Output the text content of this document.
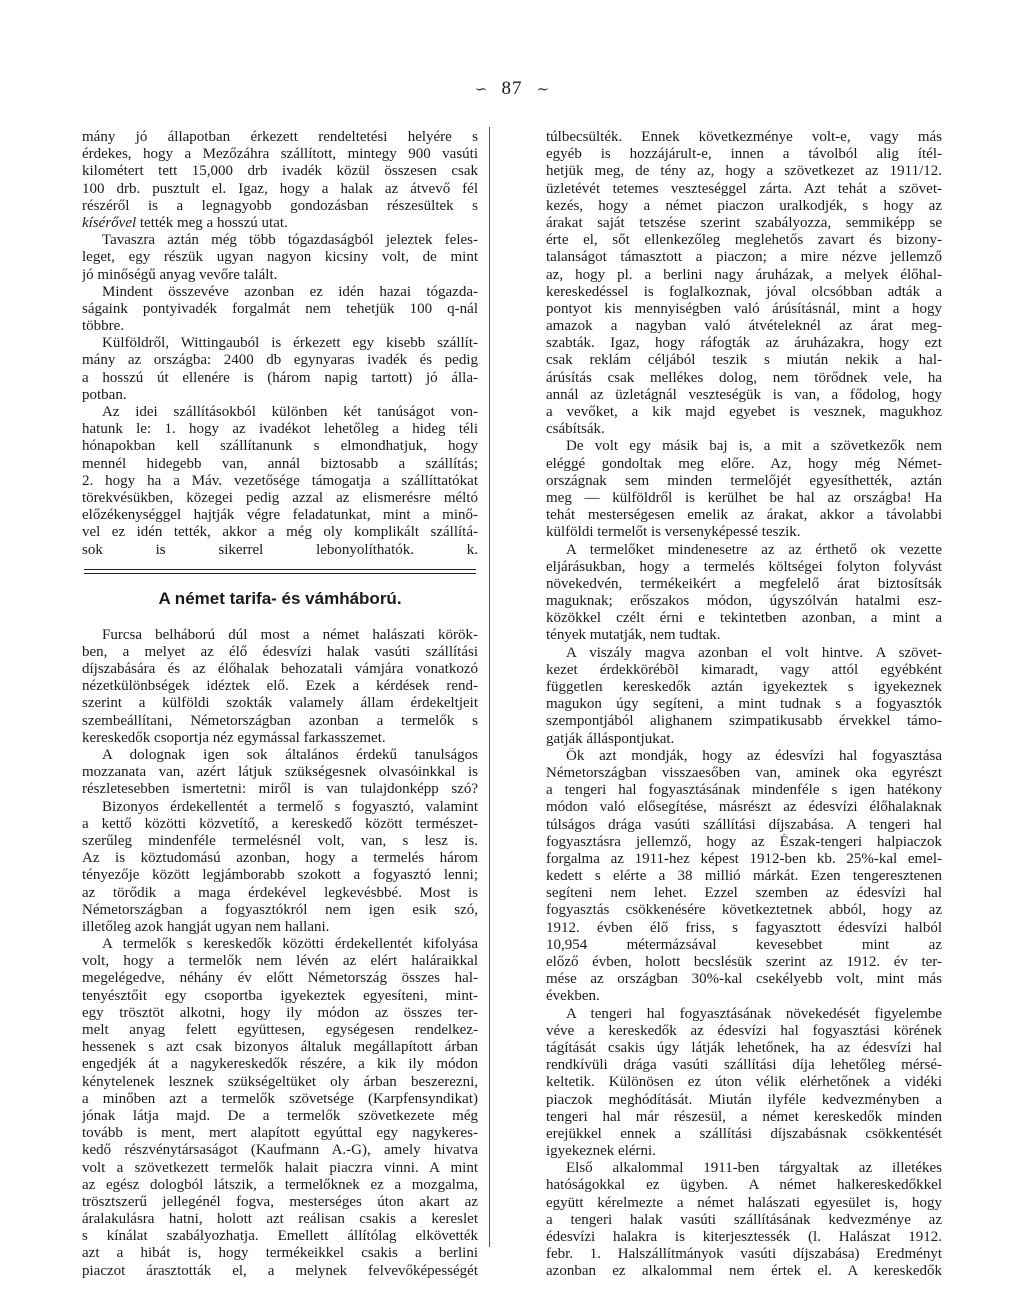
∽ 87 ∼
mány jó állapotban érkezett rendeltetési helyére s
érdekes, hogy a Mezőzáhra szállított, mintegy 900 vasúti
kilométert tett 15,000 drb ivadék közül összesen csak
100 drb. pusztult el. Igaz, hogy a halak az átvevő fél
részéről is a legnagyobb gondozásban részesültek s
kísérővel tették meg a hosszú utat.
Tavaszra aztán még több tógazdaságból jeleztek feles-
leget, egy részük ugyan nagyon kicsiny volt, de mint
jó minőségű anyag vevőre talált.
Mindent összevéve azonban ez idén hazai tógazda-
ságaink pontyivadék forgalmát nem tehetjük 100 q-nál
többre.
Külföldről, Wittingauból is érkezett egy kisebb szállít-
mány az országba: 2400 db egynyaras ivadék és pedig
a hosszú út ellenére is (három napig tartott) jó álla-
potban.
Az idei szállításokból különben két tanúságot von-
hatunk le: 1. hogy az ivadékot lehetőleg a hideg téli
hónapokban kell szállítanunk s elmondhatjuk, hogy
mennél hidegebb van, annál biztosabb a szállítás;
2. hogy ha a Máv. vezetősége támogatja a szállíttatókat
törekvésükben, közegei pedig azzal az elismerésre méltó
előzékenységgel hajtják végre feladatunkat, mint a minő-
vel ez idén tették, akkor a még oly komplikált szállítá-
sok is sikerrel lebonyolíthatók. k.
A német tarifa- és vámháború.
Furcsa belháború dúl most a német halászati körök-
ben, a melyet az élő édesvízi halak vasúti szállítási
díjszabására és az élőhalak behozatali vámjára vonatkozó
nézetkülönbségek idéztek elő. Ezek a kérdések rend-
szerint a külföldi szokták valamely állam érdekeltjeit
szembeállítani, Németországban azonban a termelők s
kereskedők csoportja néz egymással farkasszemet.
A dolognak igen sok általános érdekű tanulságos
mozzanata van, azért látjuk szükségesnek olvasóinkkal is
részletesebben ismertetni: miről is van tulajdonképp szó?
Bizonyos érdekellentét a termelő s fogyasztó, valamint
a kettő közötti közvetítő, a kereskedő között természet-
szerűleg mindenféle termelésnél volt, van, s lesz is.
Az is köztudomású azonban, hogy a termelés három
tényezője között legjámborabb szokott a fogyasztó lenni;
az törődik a maga érdekével legkevésbbé. Most is
Németországban a fogyasztókról nem igen esik szó,
illetőleg azok hangját ugyan nem hallani.
A termelők s kereskedők közötti érdekellentét kifolyása
volt, hogy a termelők nem lévén az elért haláraikkal
megelégedve, néhány év előtt Németország összes hal-
tenyésztőit egy csoportba igyekeztek egyesíteni, mint-
egy trösztöt alkotni, hogy ily módon az összes ter-
melt anyag felett együttesen, egységesen rendelkez-
hessenek s azt csak bizonyos általuk megállapított árban
engedjék át a nagykereskedők részére, a kik ily módon
kénytelenek lesznek szükségeltüket oly árban beszerezni,
a minőben azt a termelők szövetsége (Karpfensyndikat)
jónak látja majd. De a termelők szövetkezete még
tovább is ment, mert alapított egyúttal egy nagykeres-
kedő részvénytársaságot (Kaufmann A.-G), amely hivatva
volt a szövetkezett termelők halait piaczra vinni. A mint
az egész dologból látszik, a termelőknek ez a mozgalma,
trösztszerű jellegénél fogva, mesterséges úton akart az
áralakulásra hatni, holott azt reálisan csakis a kereslet
s kínálat szabályozhatja. Emellett állítólag elkövették
azt a hibát is, hogy termékeikkel csakis a berlini
piaczot árasztották el, a melynek felvevőképességét
túlbecsülték. Ennek következménye volt-e, vagy más
egyéb is hozzájárult-e, innen a távolból alig ítél-
hetjük meg, de tény az, hogy a szövetkezet az 1911/12.
üzletévét tetemes veszteséggel zárta. Azt tehát a szövet-
kezés, hogy a német piaczon uralkodjék, s hogy az
árakat saját tetszése szerint szabályozza, semmiképp se
érte el, sőt ellenkezőleg meglehetős zavart és bizony-
talanságot támasztott a piaczon; a mire nézve jellemző
az, hogy pl. a berlini nagy áruházak, a melyek élőhal-
kereskedéssel is foglalkoznak, jóval olcsóbban adták a
pontyot kis mennyiségben való árúsításnál, mint a hogy
amazok a nagyban való átvételeknél az árat meg-
szabták. Igaz, hogy ráfogták az áruházakra, hogy ezt
csak reklám céljából teszik s miután nekik a hal-
árúsítás csak mellékes dolog, nem törődnek vele, ha
annál az üzletágnál veszteségük is van, a fődolog, hogy
a vevőket, a kik majd egyebet is vesznek, magukhoz
csábítsák.
De volt egy másik baj is, a mit a szövetkezők nem
eléggé gondoltak meg előre. Az, hogy még Német-
országnak sem minden termelőjét egyesíthették, aztán
meg — külföldről is kerülhet be hal az országba! Ha
tehát mesterségesen emelik az árakat, akkor a távolabbi
külföldi termelőt is versenyképessé teszik.
A termelőket mindenesetre az az érthető ok vezette
eljárásukban, hogy a termelés költségei folyton folyvást
növekedvén, termékeikért a megfelelő árat biztosítsák
maguknak; erőszakos módon, úgyszólván hatalmi esz-
közökkel czélt érni e tekintetben azonban, a mint a
tények mutatják, nem tudtak.
A viszály magva azonban el volt hintve. A szövet-
kezet érdekkörébõl kimaradt, vagy attól egyébként
független kereskedők aztán igyekeztek s igyekeznek
magukon úgy segíteni, a mint tudnak s a fogyasztók
szempontjából alighanem szimpatikusabb érvekkel támo-
gatják álláspontjukat.
Ők azt mondják, hogy az édesvízi hal fogyasztása
Németországban visszaesőben van, aminek oka egyrészt
a tengeri hal fogyasztásának mindenféle s igen hatékony
módon való elősegítése, másrészt az édesvízi élőhalaknak
túlságos drága vasúti szállítási díjszabása. A tengeri hal
fogyasztásra jellemző, hogy az Észak-tengeri halpiaczok
forgalma az 1911-hez képest 1912-ben kb. 25%-kal emel-
kedett s elérte a 38 millió márkát. Ezen tengeresztenen
segíteni nem lehet. Ezzel szemben az édesvízi hal
fogyasztás csökkenésére következtetnek abból, hogy az
1912. évben élő friss, s fagyasztott édesvízi halból
10,954 métermázsával kevesebbet mint az
előző évben, holott becslésük szerint az 1912. év ter-
mése az országban 30%-kal csekélyebb volt, mint más
években.
A tengeri hal fogyasztásának növekedését figyelembe
véve a kereskedők az édesvízi hal fogyasztási körének
tágítását csakis úgy látják lehetőnek, ha az édesvízi hal
rendkívüli drága vasúti szállítási díja lehetőleg mérsé-
keltetik. Különösen ez úton vélik elérhetőnek a vidéki
piaczok meghódítását. Miután ilyféle kedvezményben a
tengeri hal már részesül, a német kereskedők minden
erejükkel ennek a szállítási díjszabásnak csökkentését
igyekeznek elérni.
Első alkalommal 1911-ben tárgyaltak az illetékes
hatóságokkal ez ügyben. A német halkereskedőkkel
együtt kérelmezte a német halászati egyesület is, hogy
a tengeri halak vasúti szállításának kedvezménye az
édesvízi halakra is kiterjesztessék (l. Halászat 1912.
febr. 1. Halszállítmányok vasúti díjszabása) Eredményt
azonban ez alkalommal nem értek el. A kereskedők
